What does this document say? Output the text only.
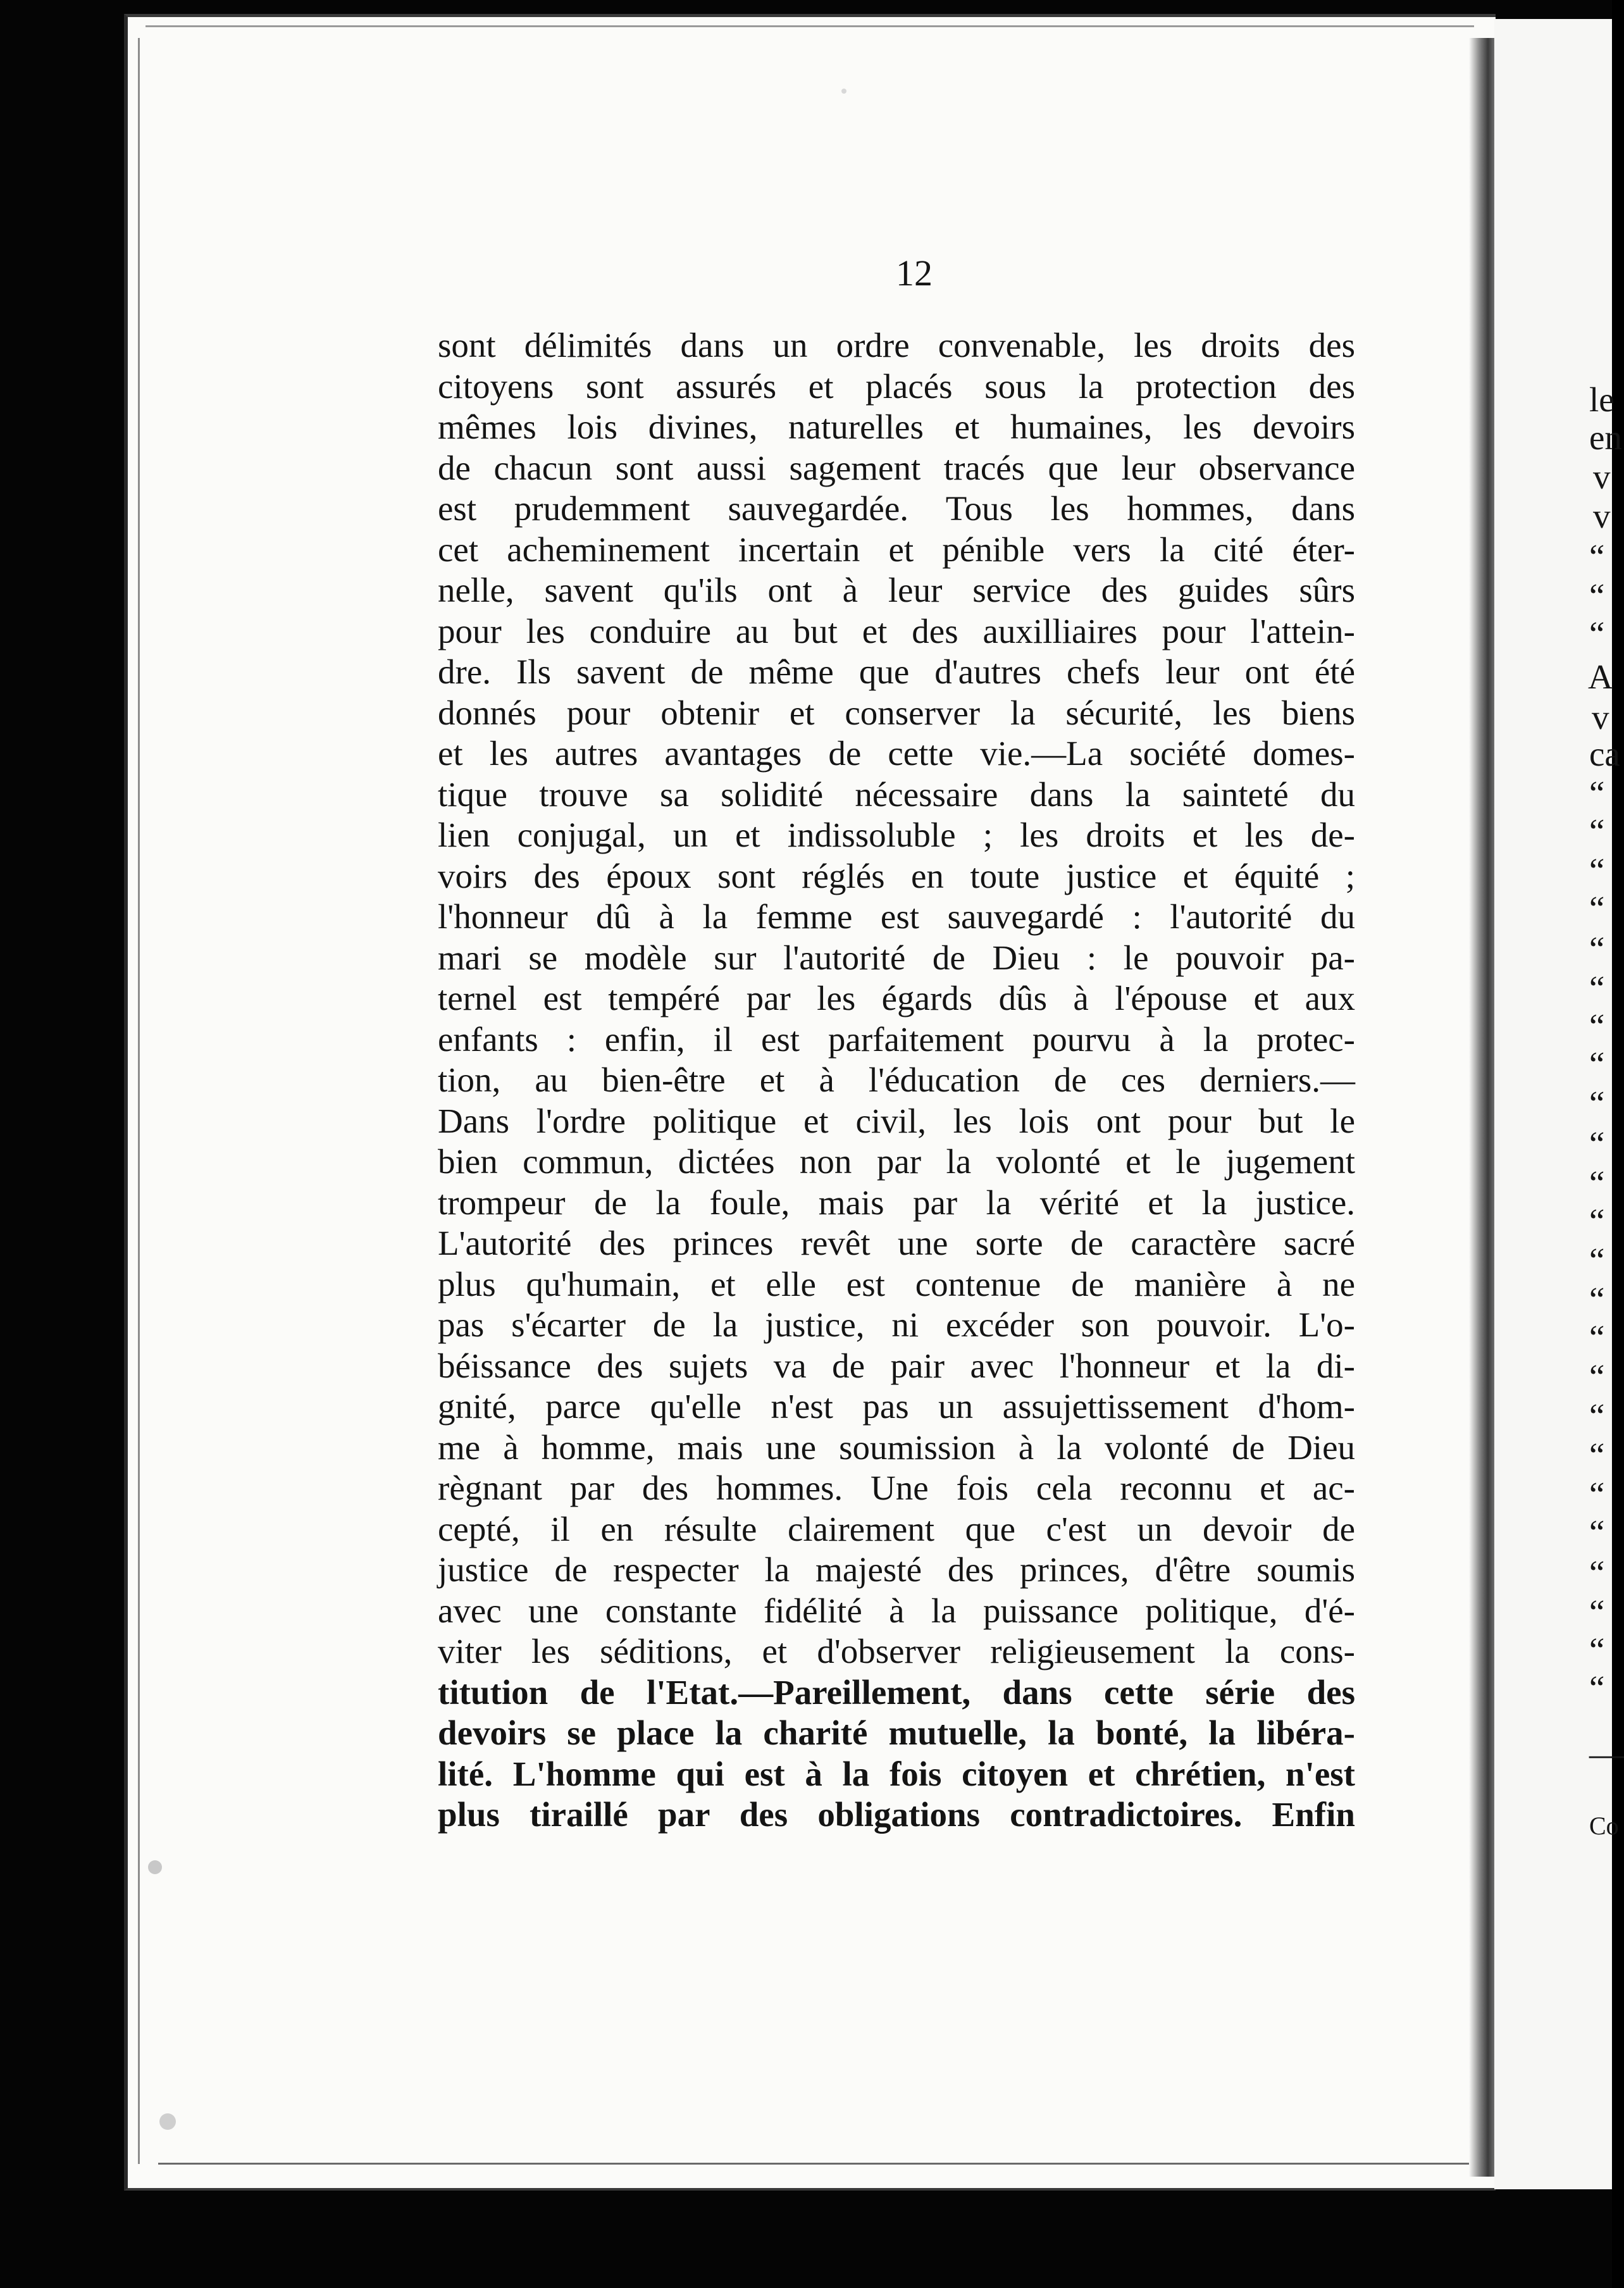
12
sont délimités dans un ordre convenable, les droits des
citoyens sont assurés et placés sous la protection des
mêmes lois divines, naturelles et humaines, les devoirs
de chacun sont aussi sagement tracés que leur observance
est prudemment sauvegardée. Tous les hommes, dans
cet acheminement incertain et pénible vers la cité éter-
nelle, savent qu'ils ont à leur service des guides sûrs
pour les conduire au but et des auxilliaires pour l'attein-
dre. Ils savent de même que d'autres chefs leur ont été
donnés pour obtenir et conserver la sécurité, les biens
et les autres avantages de cette vie.—La société domes-
tique trouve sa solidité nécessaire dans la sainteté du
lien conjugal, un et indissoluble ; les droits et les de-
voirs des époux sont réglés en toute justice et équité ;
l'honneur dû à la femme est sauvegardé : l'autorité du
mari se modèle sur l'autorité de Dieu : le pouvoir pa-
ternel est tempéré par les égards dûs à l'épouse et aux
enfants : enfin, il est parfaitement pourvu à la protec-
tion, au bien-être et à l'éducation de ces derniers.—
Dans l'ordre politique et civil, les lois ont pour but le
bien commun, dictées non par la volonté et le jugement
trompeur de la foule, mais par la vérité et la justice.
L'autorité des princes revêt une sorte de caractère sacré
plus qu'humain, et elle est contenue de manière à ne
pas s'écarter de la justice, ni excéder son pouvoir. L'o-
béissance des sujets va de pair avec l'honneur et la di-
gnité, parce qu'elle n'est pas un assujettissement d'hom-
me à homme, mais une soumission à la volonté de Dieu
règnant par des hommes. Une fois cela reconnu et ac-
cepté, il en résulte clairement que c'est un devoir de
justice de respecter la majesté des princes, d'être soumis
avec une constante fidélité à la puissance politique, d'é-
viter les séditions, et d'observer religieusement la cons-
titution de l'Etat.—Pareillement, dans cette série des
devoirs se place la charité mutuelle, la bonté, la libéra-
lité. L'homme qui est à la fois citoyen et chrétien, n'est
plus tiraillé par des obligations contradictoires. Enfin
le
en
v
v
“
“
“
A
v
ca
“
“
“
“
“
“
“
“
“
“
“
“
“
“
“
“
“
“
“
“
“
“
“
“
—
Co
